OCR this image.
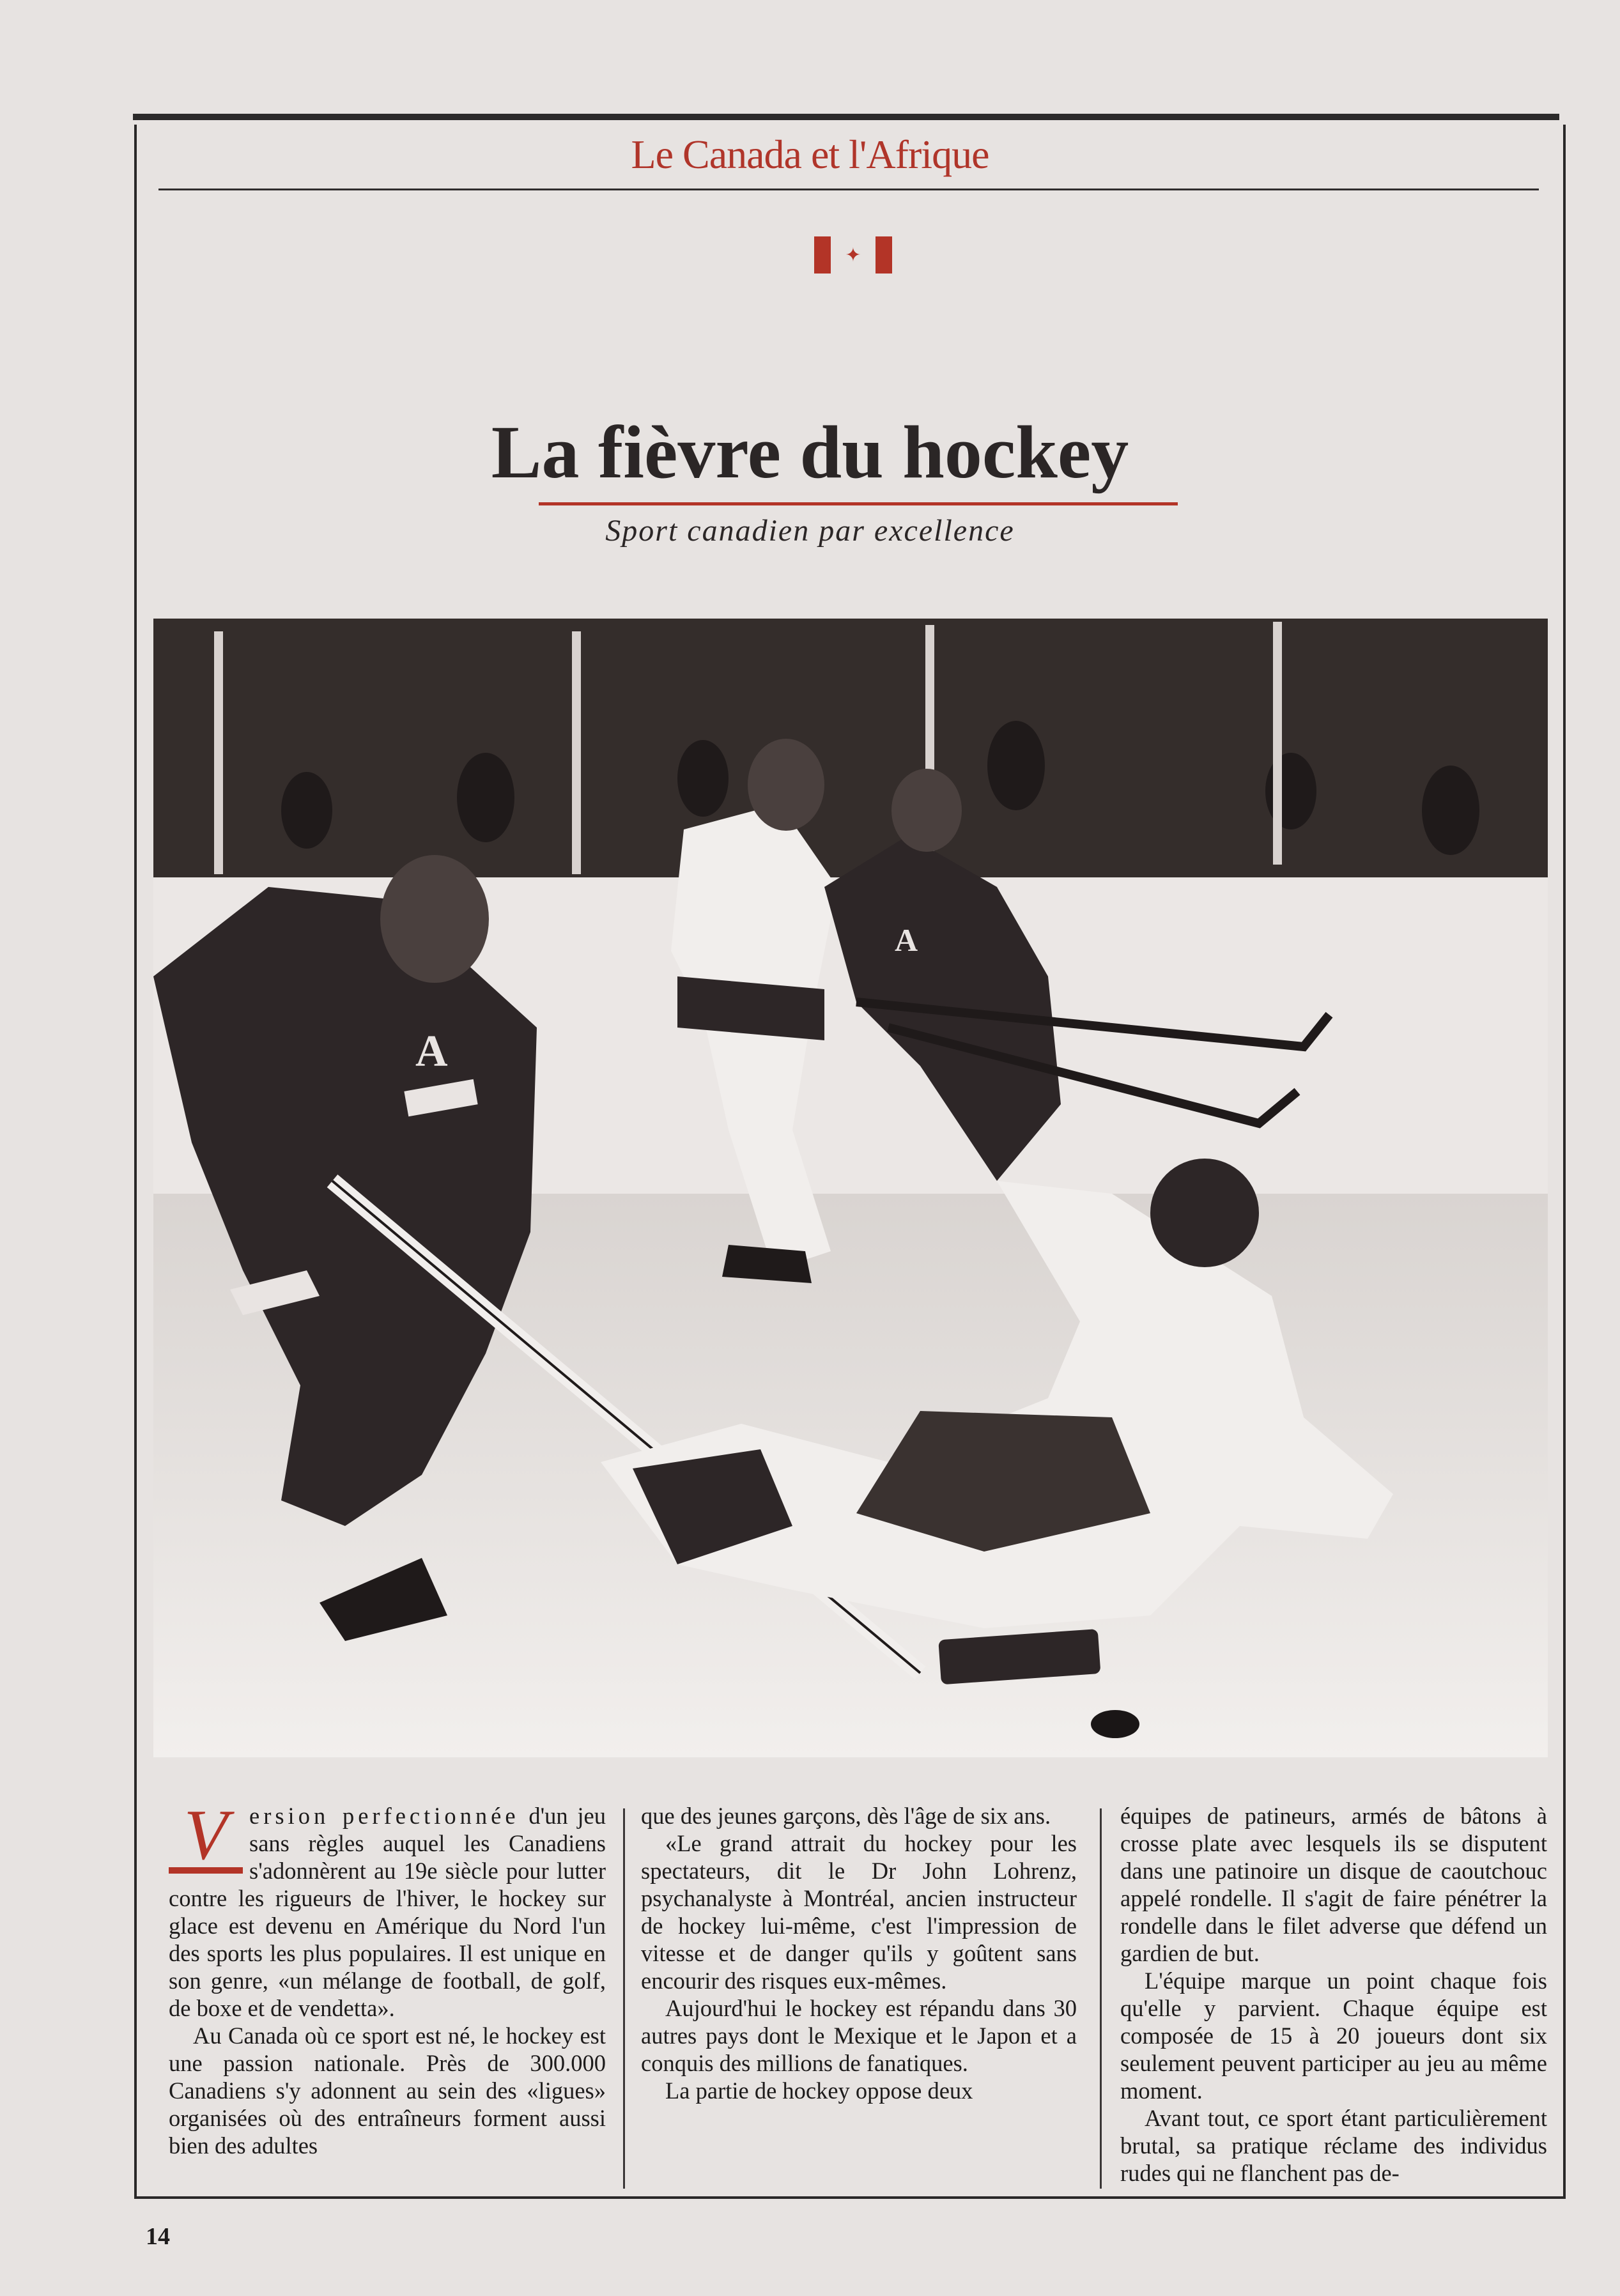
Le Canada et l'Afrique
✦
La fièvre du hockey
Sport canadien par excellence
A
A

V ersion perfectionnée d'un jeu sans règles auquel les Canadiens s'adonnèrent au 19e siècle pour lutter contre les rigueurs de l'hiver, le hockey sur glace est devenu en Amérique du Nord l'un des sports les plus populaires. Il est unique en son genre, «un mélange de football, de golf, de boxe et de vendetta».

Au Canada où ce sport est né, le hockey est une passion nationale. Près de 300.000 Canadiens s'y adonnent au sein des «ligues» organisées où des entraîneurs forment aussi bien des adultes

que des jeunes garçons, dès l'âge de six ans.

«Le grand attrait du hockey pour les spectateurs, dit le Dr John Lohrenz, psychanalyste à Montréal, ancien instructeur de hockey lui-même, c'est l'impression de vitesse et de danger qu'ils y goûtent sans encourir des risques eux-mêmes.

Aujourd'hui le hockey est répandu dans 30 autres pays dont le Mexique et le Japon et a conquis des millions de fanatiques.

La partie de hockey oppose deux

équipes de patineurs, armés de bâtons à crosse plate avec lesquels ils se disputent dans une patinoire un disque de caoutchouc appelé rondelle. Il s'agit de faire pénétrer la rondelle dans le filet adverse que défend un gardien de but.

L'équipe marque un point chaque fois qu'elle y parvient. Chaque équipe est composée de 15 à 20 joueurs dont six seulement peuvent participer au jeu au même moment.

Avant tout, ce sport étant particulièrement brutal, sa pratique réclame des individus rudes qui ne flanchent pas de-

14
